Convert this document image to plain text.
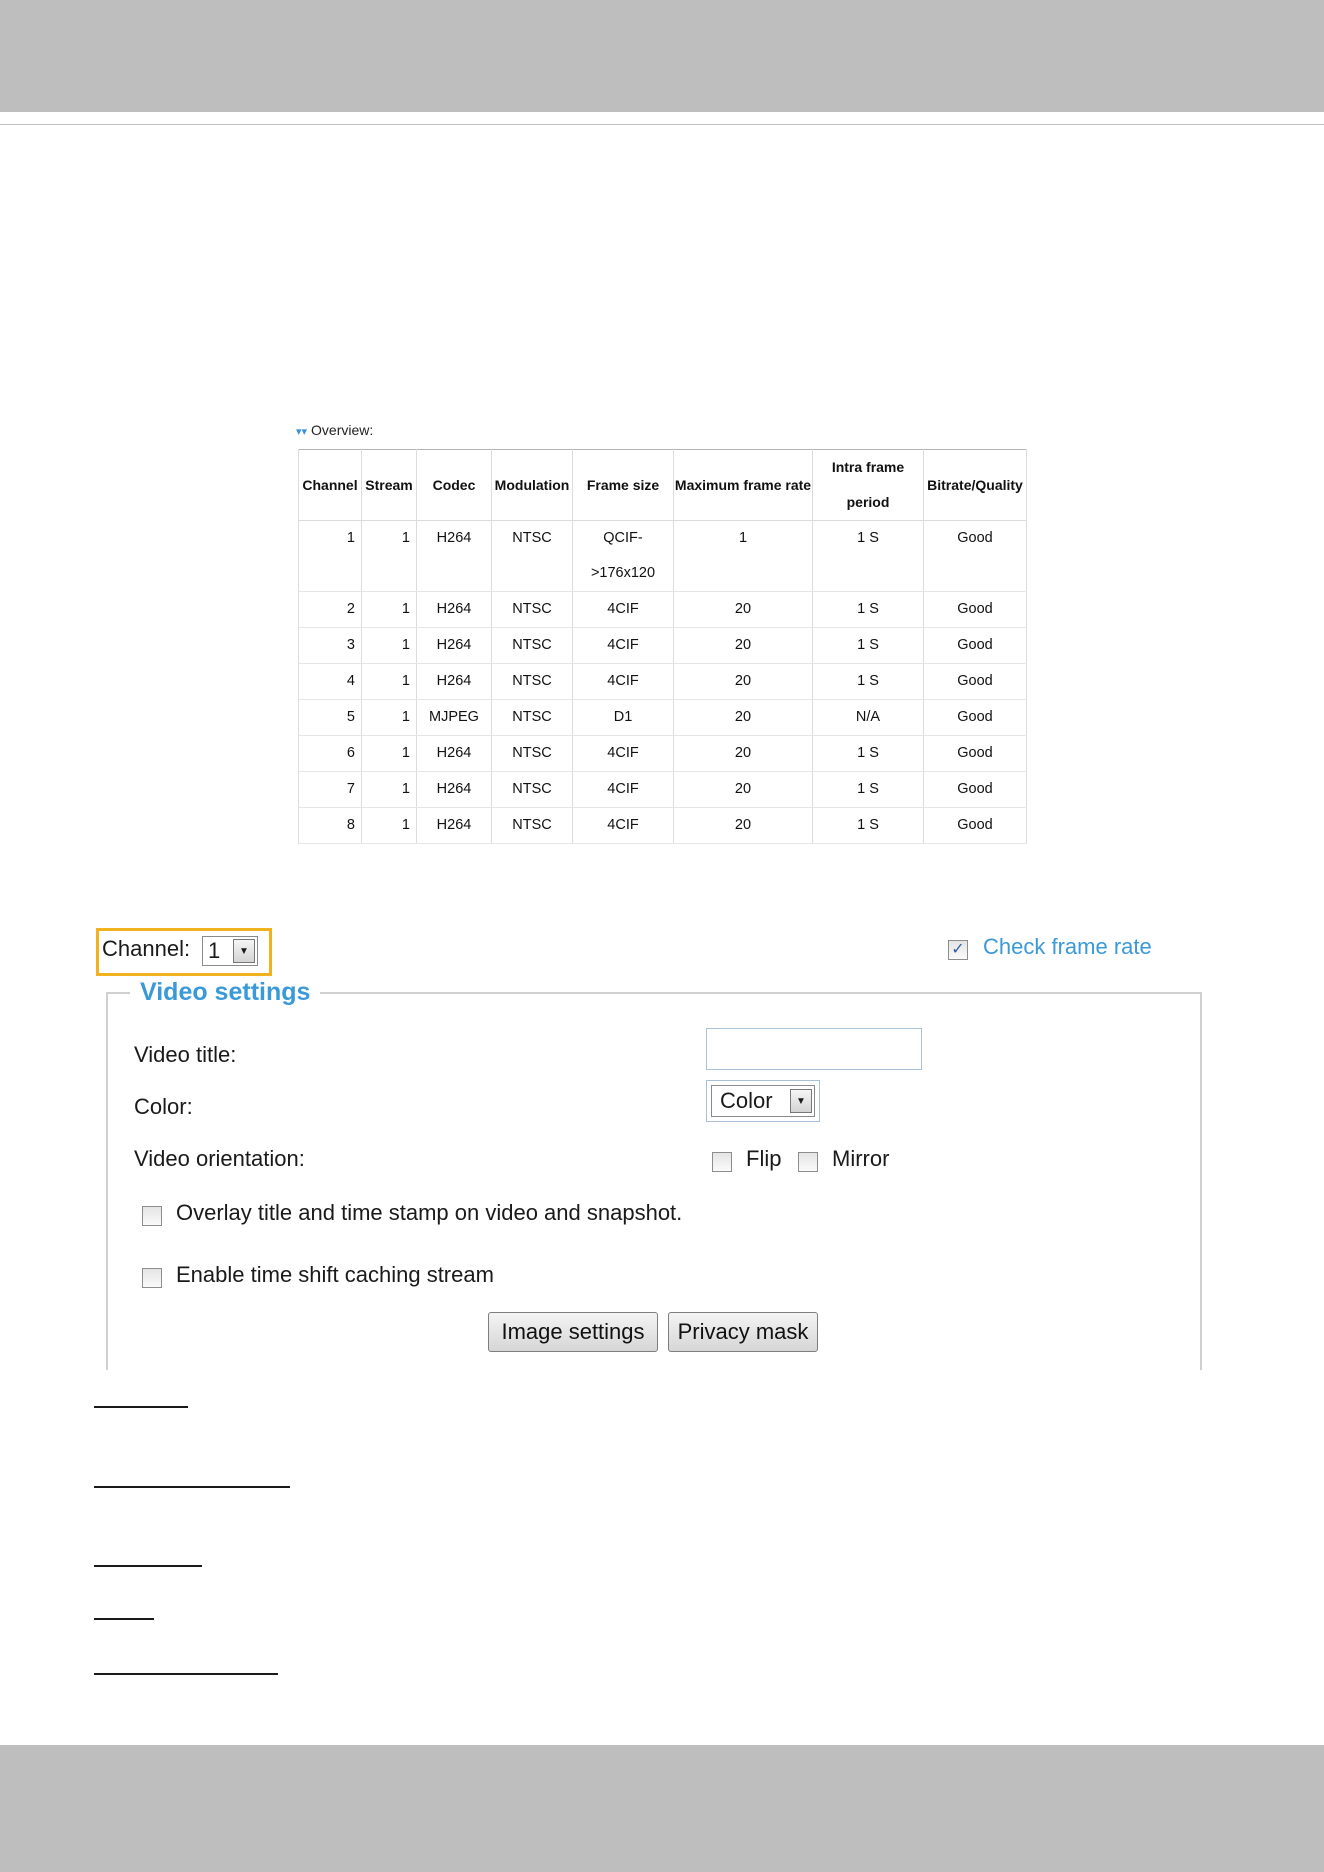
▾▾ Overview:
Channel	Stream	Codec	Modulation	Frame size	Maximum frame rate	Intra frame period	Bitrate/Quality
1	1	H264	NTSC	QCIF->176x120	1	1 S	Good
2	1	H264	NTSC	4CIF	20	1 S	Good
3	1	H264	NTSC	4CIF	20	1 S	Good
4	1	H264	NTSC	4CIF	20	1 S	Good
5	1	MJPEG	NTSC	D1	20	N/A	Good
6	1	H264	NTSC	4CIF	20	1 S	Good
7	1	H264	NTSC	4CIF	20	1 S	Good
8	1	H264	NTSC	4CIF	20	1 S	Good
Channel: 1	▼	✓ Check frame rate
Video settings
Video title:
Color:	Color	▼
Video orientation:	Flip Mirror
Overlay title and time stamp on video and snapshot.
Enable time shift caching stream
Image settings	Privacy mask
